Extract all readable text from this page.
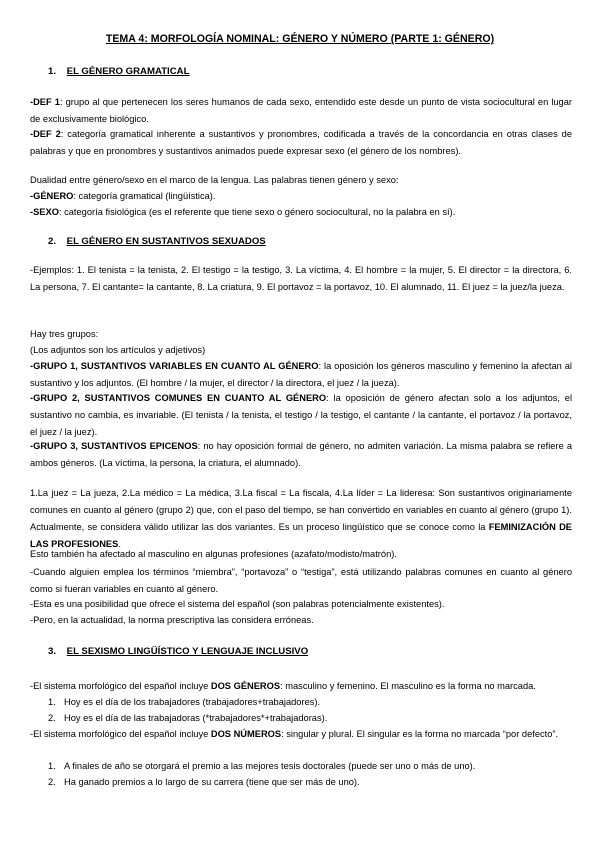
TEMA 4: MORFOLOGÍA NOMINAL: GÉNERO Y NÚMERO (PARTE 1: GÉNERO)
1. EL GÉNERO GRAMATICAL
-DEF 1: grupo al que pertenecen los seres humanos de cada sexo, entendido este desde un punto de vista sociocultural en lugar de exclusivamente biológico.
-DEF 2: categoría gramatical inherente a sustantivos y pronombres, codificada a través de la concordancia en otras clases de palabras y que en pronombres y sustantivos animados puede expresar sexo (el género de los nombres).
Dualidad entre género/sexo en el marco de la lengua. Las palabras tienen género y sexo:
-GÉNERO: categoría gramatical (lingüística).
-SEXO: categoría fisiológica (es el referente que tiene sexo o género sociocultural, no la palabra en sí).
2. EL GÉNERO EN SUSTANTIVOS SEXUADOS
-Ejemplos: 1. El tenista = la tenista, 2. El testigo = la testigo, 3. La víctima, 4. El hombre = la mujer, 5. El director = la directora, 6. La persona, 7. El cantante= la cantante, 8. La criatura, 9. El portavoz = la portavoz, 10. El alumnado, 11. El juez = la juez/la jueza.
Hay tres grupos:
(Los adjuntos son los artículos y adjetivos)
-GRUPO 1, SUSTANTIVOS VARIABLES EN CUANTO AL GÉNERO: la oposición los géneros masculino y femenino la afectan al sustantivo y los adjuntos. (El hombre / la mujer, el director / la directora, el juez / la jueza).
-GRUPO 2, SUSTANTIVOS COMUNES EN CUANTO AL GÉNERO: la oposición de género afectan solo a los adjuntos, el sustantivo no cambia, es invariable. (El tenista / la tenista, el testigo / la testigo, el cantante / la cantante, el portavoz / la portavoz, el juez / la juez).
-GRUPO 3, SUSTANTIVOS EPICENOS: no hay oposición formal de género, no admiten variación. La misma palabra se refiere a ambos géneros. (La víctima, la persona, la criatura, el alumnado).
1.La juez = La jueza, 2.La médico = La médica, 3.La fiscal = La fiscala, 4.La líder = La lideresa: Son sustantivos originariamente comunes en cuanto al género (grupo 2) que, con el paso del tiempo, se han convertido en variables en cuanto al género (grupo 1). Actualmente, se considera válido utilizar las dos variantes. Es un proceso lingüístico que se conoce como la FEMINIZACIÓN DE LAS PROFESIONES.
Esto también ha afectado al masculino en algunas profesiones (azafato/modisto/matrón).
-Cuando alguien emplea los términos “miembra”, “portavoza” o “testiga”, está utilizando palabras comunes en cuanto al género como si fueran variables en cuanto al género.
-Esta es una posibilidad que ofrece el sistema del español (son palabras potencialmente existentes).
-Pero, en la actualidad, la norma prescriptiva las considera erróneas.
3. EL SEXISMO LINGÜÍSTICO Y LENGUAJE INCLUSIVO
-El sistema morfológico del español incluye DOS GÉNEROS: masculino y femenino. El masculino es la forma no marcada.
1. Hoy es el día de los trabajadores (trabajadores+trabajadores).
2. Hoy es el día de las trabajadoras (*trabajadores*+trabajadoras).
-El sistema morfológico del español incluye DOS NÚMEROS: singular y plural. El singular es la forma no marcada “por defecto”.
1. A finales de año se otorgará el premio a las mejores tesis doctorales (puede ser uno o más de uno).
2. Ha ganado premios a lo largo de su carrera (tiene que ser más de uno).
